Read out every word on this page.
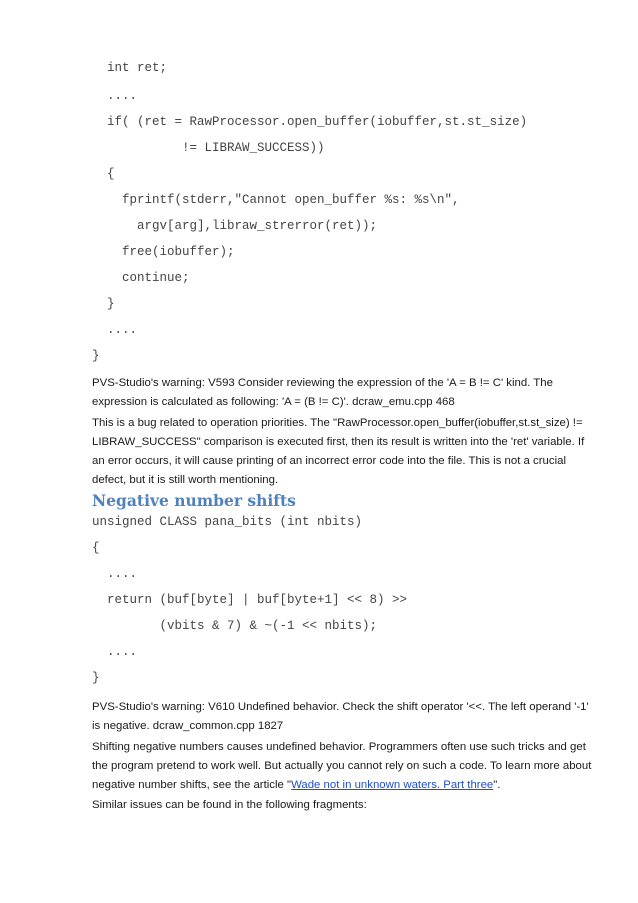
int ret;
....
if( (ret = RawProcessor.open_buffer(iobuffer,st.st_size)
!= LIBRAW_SUCCESS))
{
fprintf(stderr,"Cannot open_buffer %s: %s\n",
argv[arg],libraw_strerror(ret));
free(iobuffer);
continue;
}
....
}

PVS-Studio's warning: V593 Consider reviewing the expression of the 'A = B != C' kind. The expression is calculated as following: 'A = (B != C)'. dcraw_emu.cpp 468

This is a bug related to operation priorities. The "RawProcessor.open_buffer(iobuffer,st.st_size) != LIBRAW_SUCCESS" comparison is executed first, then its result is written into the 'ret' variable. If an error occurs, it will cause printing of an incorrect error code into the file. This is not a crucial defect, but it is still worth mentioning.

Negative number shifts
unsigned CLASS pana_bits (int nbits)
{
....
return (buf[byte] | buf[byte+1] << 8) >>
(vbits & 7) & ~(-1 << nbits);
....
}

PVS-Studio's warning: V610 Undefined behavior. Check the shift operator '<<. The left operand '-1' is negative. dcraw_common.cpp 1827

Shifting negative numbers causes undefined behavior. Programmers often use such tricks and get the program pretend to work well. But actually you cannot rely on such a code. To learn more about negative number shifts, see the article "Wade not in unknown waters. Part three".

Similar issues can be found in the following fragments:
